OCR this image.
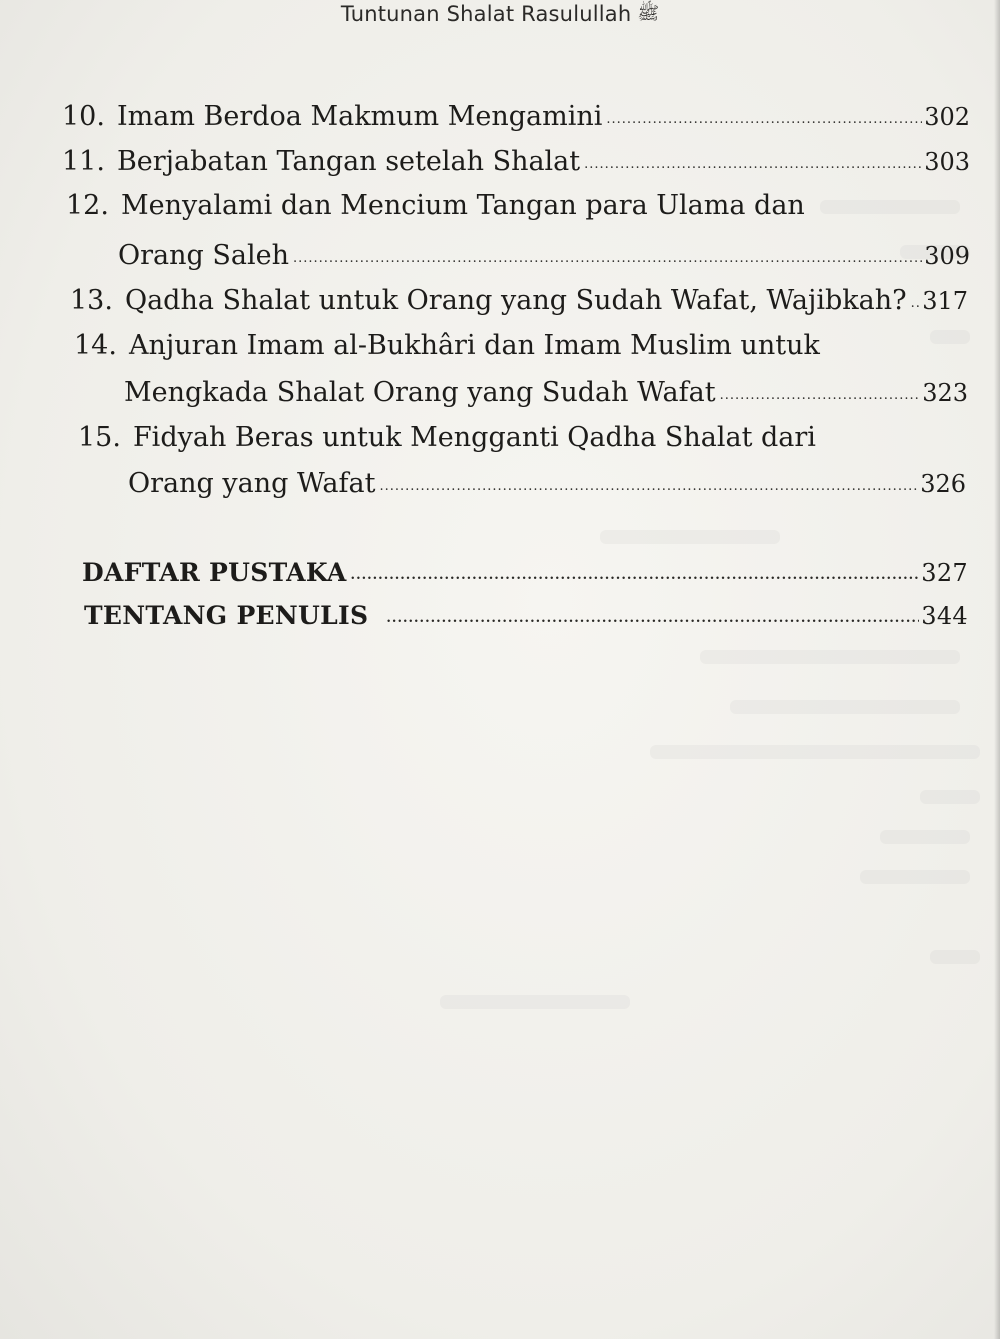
Tuntunan Shalat Rasulullah ﷺ
10. Imam Berdoa Makmum Mengamini .....	302
11. Berjabatan Tangan setelah Shalat .....	303
12. Menyalami dan Mencium Tangan para Ulama dan
Orang Saleh .....	309
13. Qadha Shalat untuk Orang yang Sudah Wafat, Wajibkah? ..... 317
14. Anjuran Imam al-Bukhâri dan Imam Muslim untuk
Mengkada Shalat Orang yang Sudah Wafat .....	323
15. Fidyah Beras untuk Mengganti Qadha Shalat dari
Orang yang Wafat .....	326
DAFTAR PUSTAKA .....	327
TENTANG PENULIS .....	344
